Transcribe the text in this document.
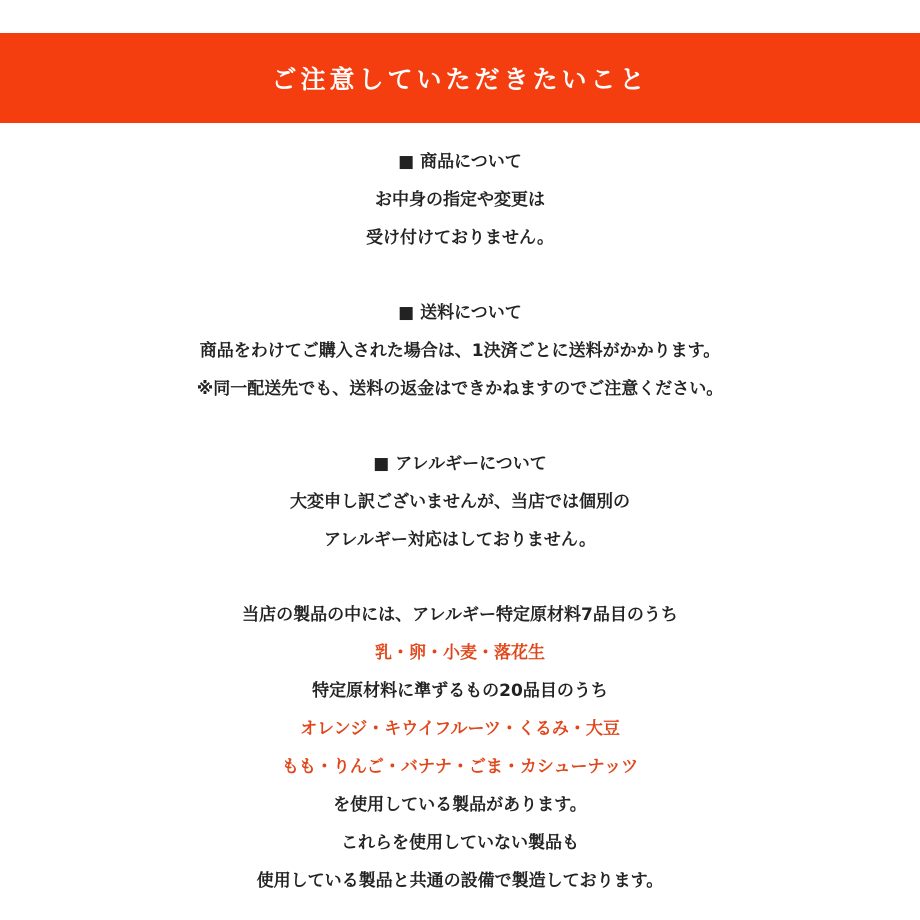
ご注意していただきたいこと
■ 商品について
お中身の指定や変更は
受け付けておりません。
■ 送料について
商品をわけてご購入された場合は、1決済ごとに送料がかかります。
※同一配送先でも、送料の返金はできかねますのでご注意ください。
■ アレルギーについて
大変申し訳ございませんが、当店では個別の
アレルギー対応はしておりません。
当店の製品の中には、アレルギー特定原材料7品目のうち
乳・卵・小麦・落花生
特定原材料に準ずるもの20品目のうち
オレンジ・キウイフルーツ・くるみ・大豆
もも・りんご・バナナ・ごま・カシューナッツ
を使用している製品があります。
これらを使用していない製品も
使用している製品と共通の設備で製造しております。
